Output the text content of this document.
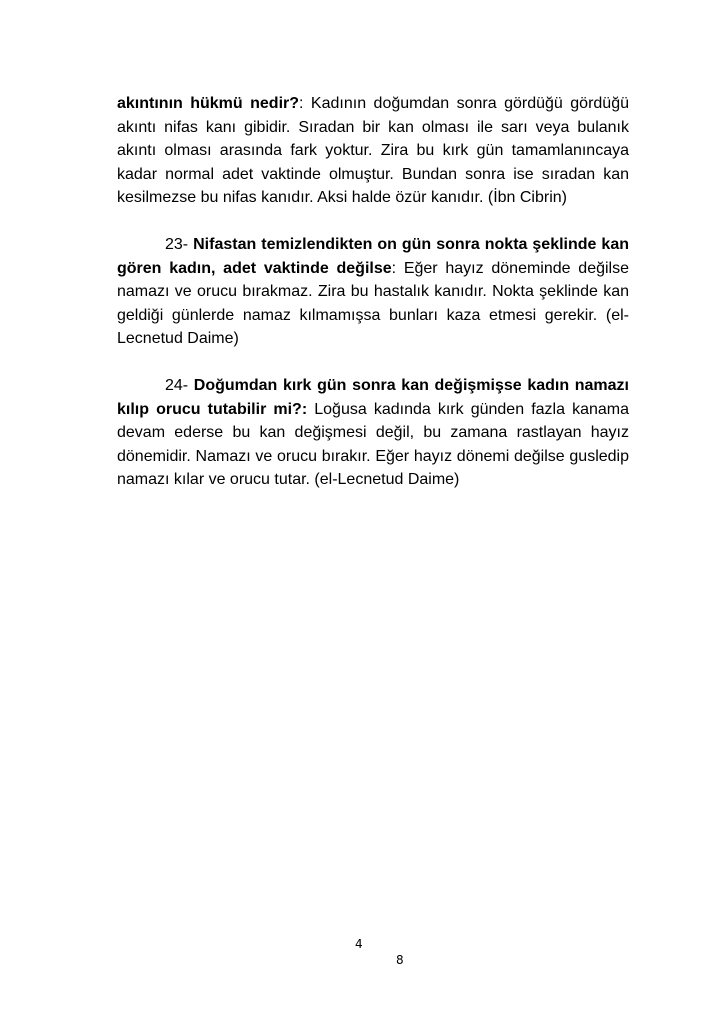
akıntının hükmü nedir?: Kadının doğumdan sonra gördüğü gördüğü akıntı nifas kanı gibidir. Sıradan bir kan olması ile sarı veya bulanık akıntı olması arasında fark yoktur. Zira bu kırk gün tamamlanıncaya kadar normal adet vaktinde olmuştur. Bundan sonra ise sıradan kan kesilmezse bu nifas kanıdır. Aksi halde özür kanıdır. (İbn Cibrin)

23- Nifastan temizlendikten on gün sonra nokta şeklinde kan gören kadın, adet vaktinde değilse: Eğer hayız döneminde değilse namazı ve orucu bırakmaz. Zira bu hastalık kanıdır. Nokta şeklinde kan geldiği günlerde namaz kılmamışsa bunları kaza etmesi gerekir. (el-Lecnetud Daime)

24- Doğumdan kırk gün sonra kan değişmişse kadın namazı kılıp orucu tutabilir mi?: Loğusa kadında kırk günden fazla kanama devam ederse bu kan değişmesi değil, bu zamana rastlayan hayız dönemidir. Namazı ve orucu bırakır. Eğer hayız dönemi değilse gusledip namazı kılar ve orucu tutar. (el-Lecnetud Daime)

4
8
